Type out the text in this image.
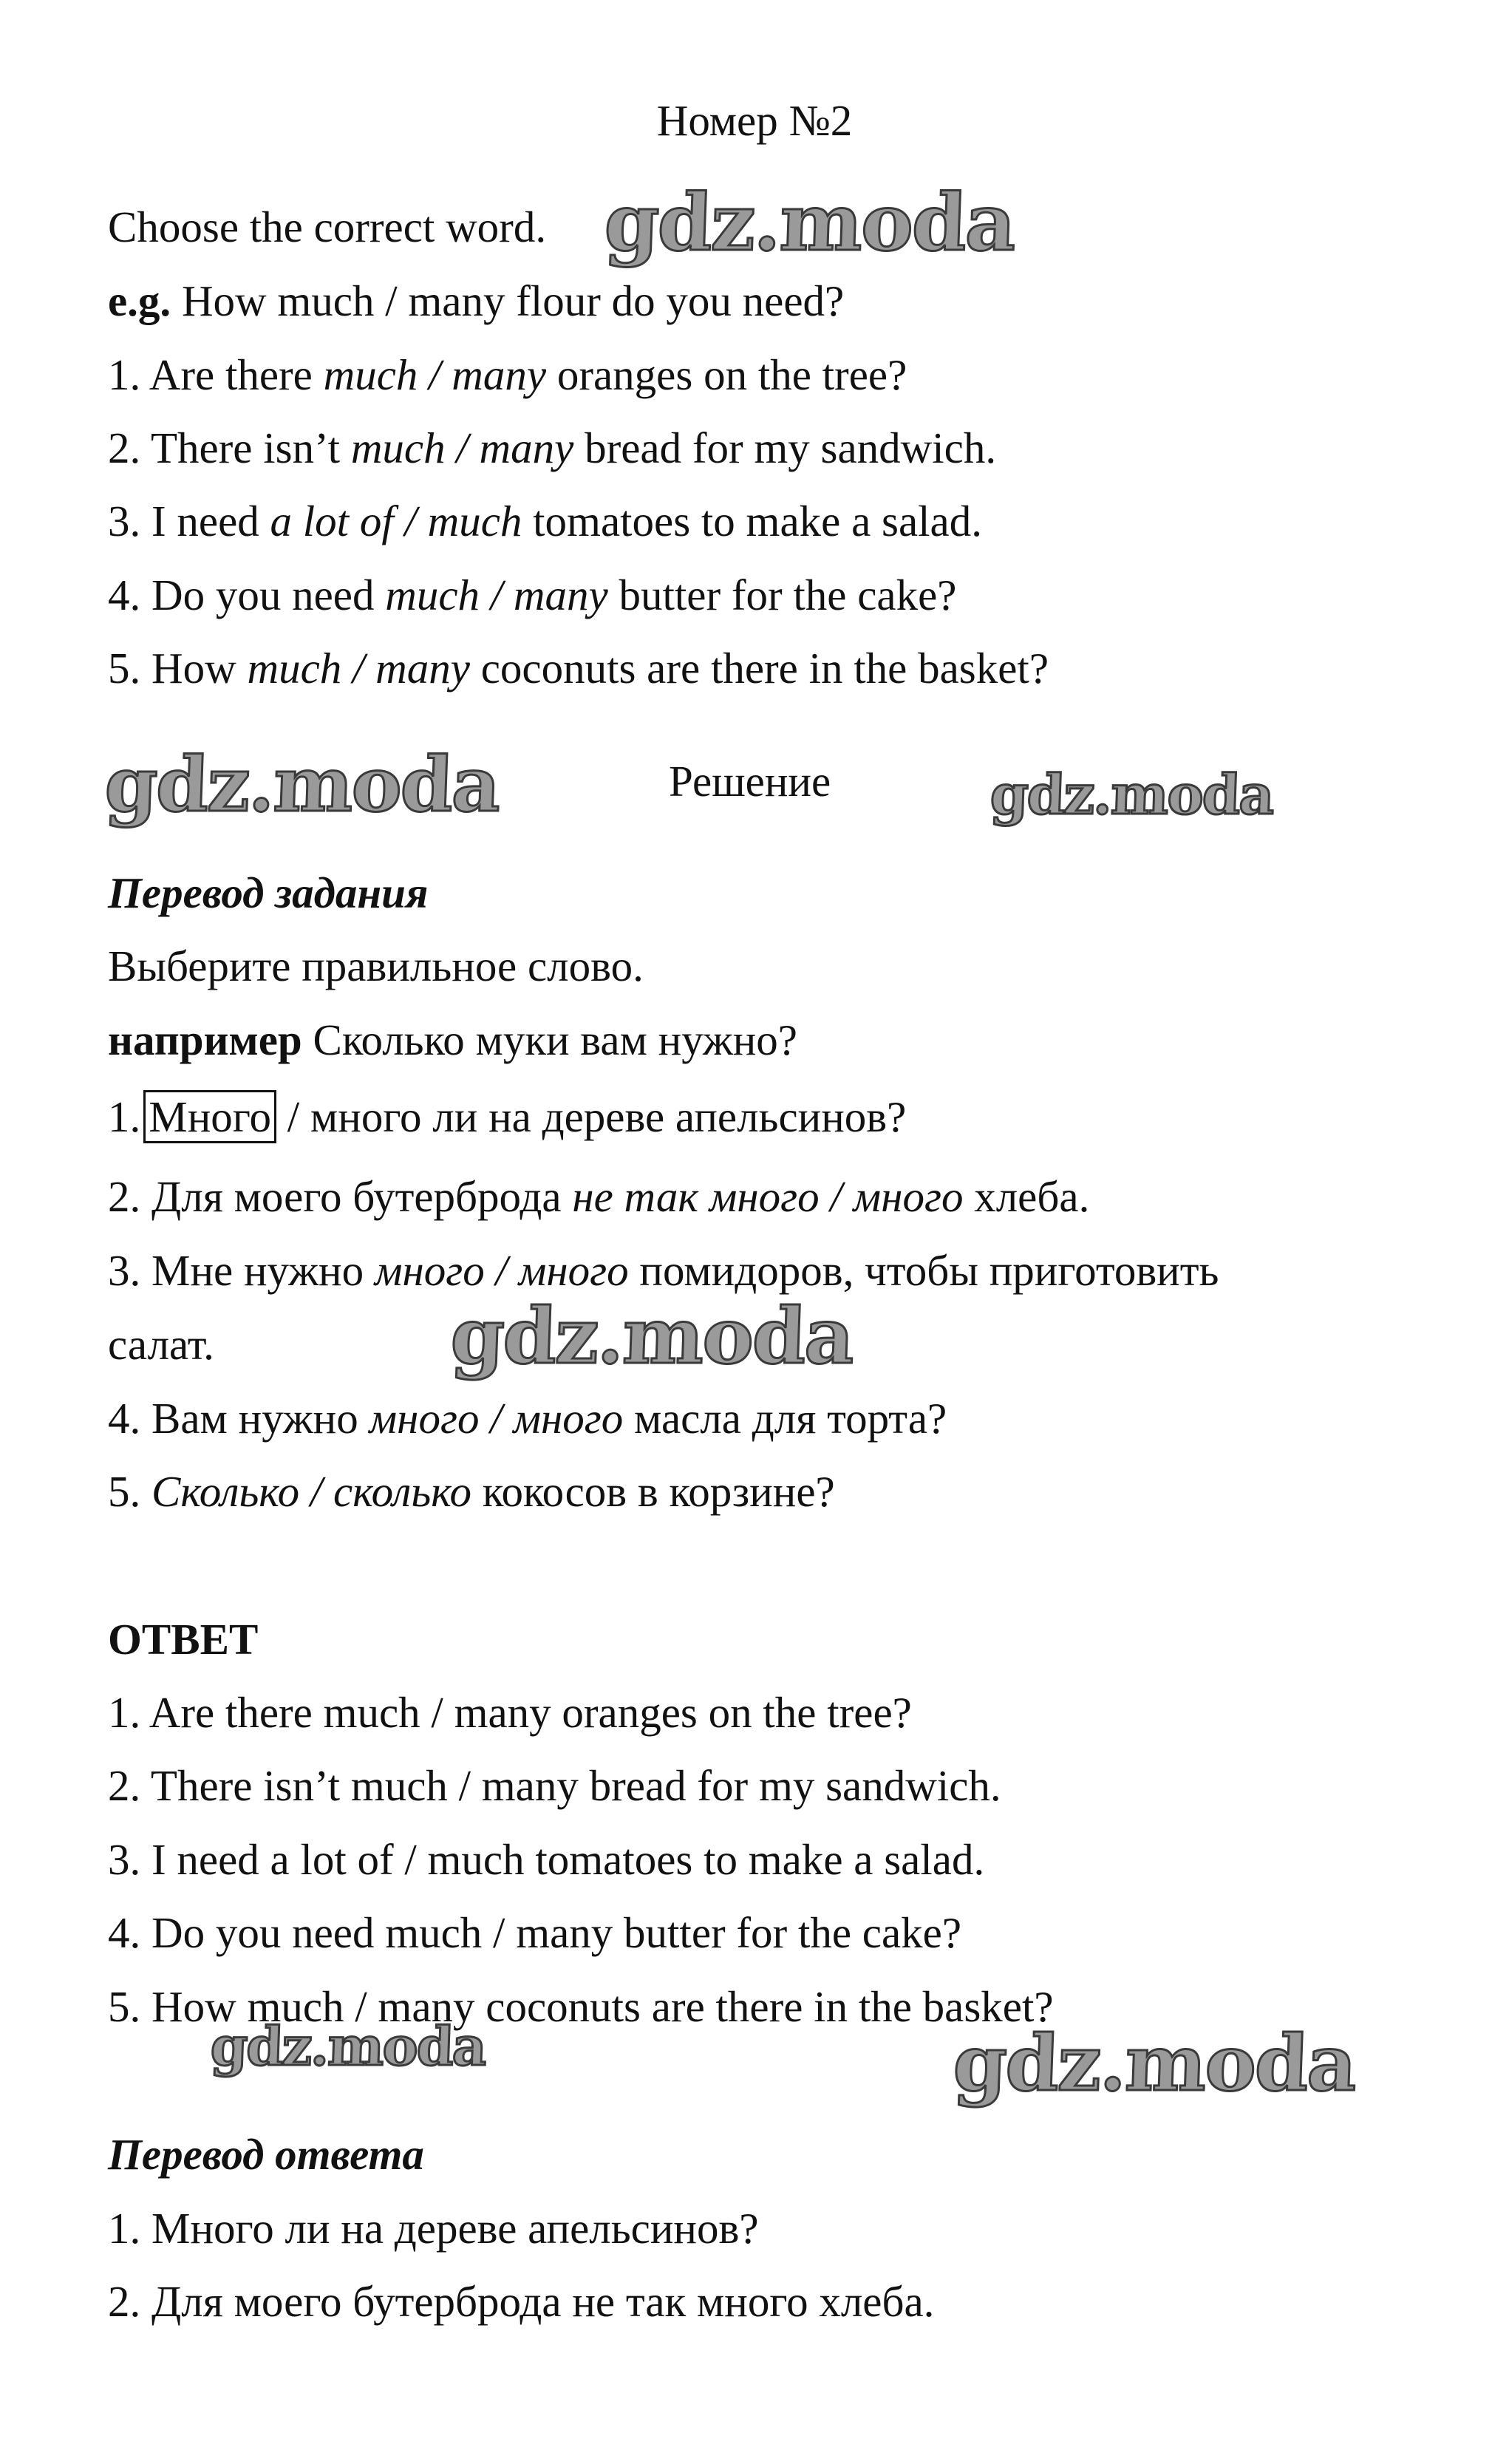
Номер №2
Choose the correct word.
e.g. How much / many flour do you need?
1. Are there much / many oranges on the tree?
2. There isn’t much / many bread for my sandwich.
3. I need a lot of / much tomatoes to make a salad.
4. Do you need much / many butter for the cake?
5. How much / many coconuts are there in the basket?
Решение
Перевод задания
Выберите правильное слово.
например Сколько муки вам нужно?
1. Много / много ли на дереве апельсинов?
2. Для моего бутерброда не так много / много хлеба.
3. Мне нужно много / много помидоров, чтобы приготовить
салат.
4. Вам нужно много / много масла для торта?
5. Сколько / сколько кокосов в корзине?
ОТВЕТ
1. Are there much / many oranges on the tree?
2. There isn’t much / many bread for my sandwich.
3. I need a lot of / much tomatoes to make a salad.
4. Do you need much / many butter for the cake?
5. How much / many coconuts are there in the basket?
Перевод ответа
1. Много ли на дереве апельсинов?
2. Для моего бутерброда не так много хлеба.
gdz.moda
gdz.moda	gdz.moda
gdz.moda
gdz.moda	gdz.moda
